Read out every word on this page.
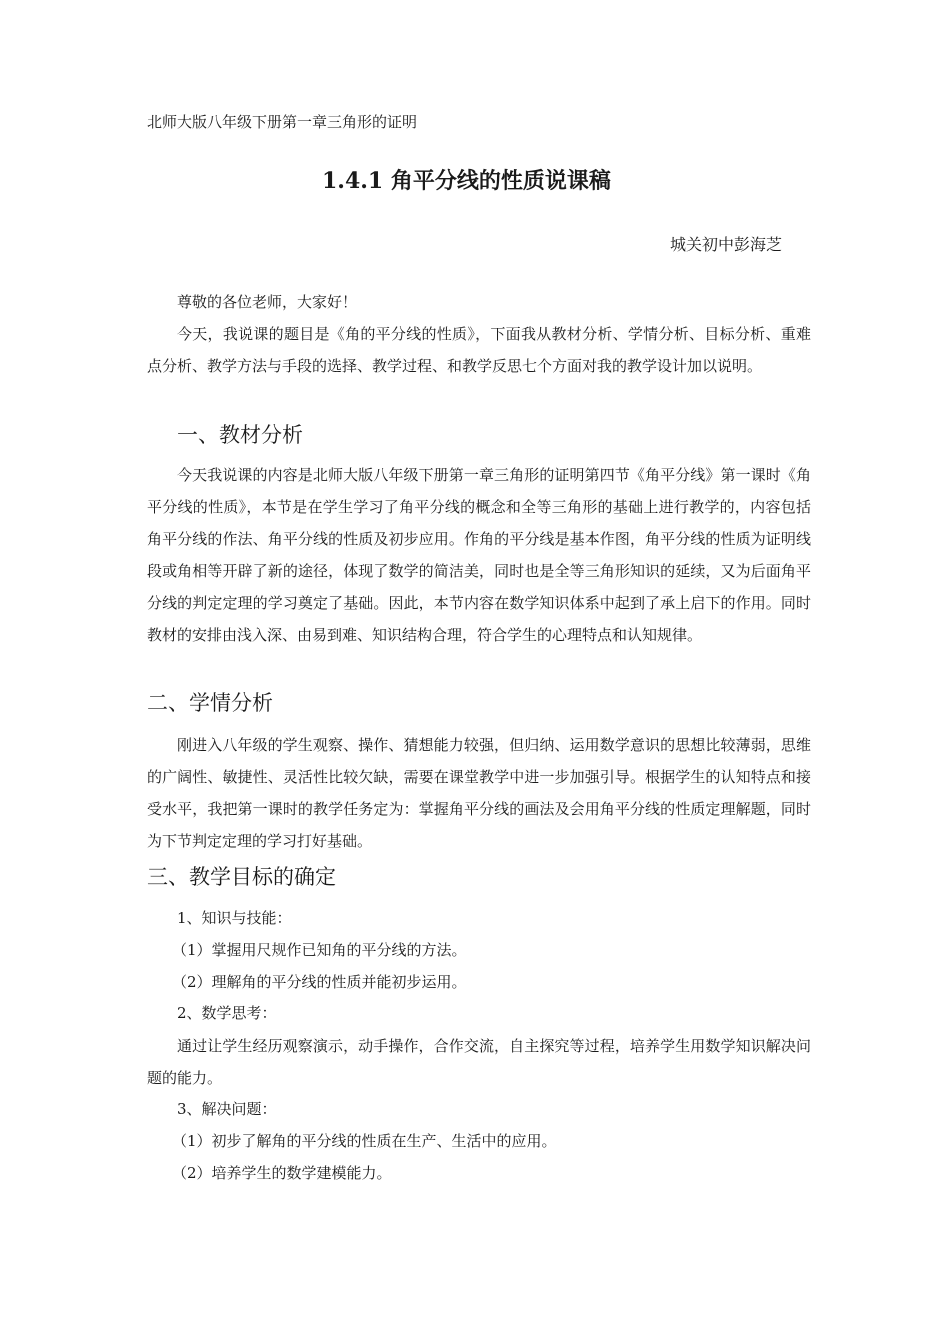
北师大版八年级下册第一章三角形的证明
1.4.1 角平分线的性质说课稿
城关初中彭海芝
尊敬的各位老师，大家好！
今天，我说课的题目是《角的平分线的性质》，下面我从教材分析、学情分析、目标分析、重难点分析、教学方法与手段的选择、教学过程、和教学反思七个方面对我的教学设计加以说明。
一、教材分析
今天我说课的内容是北师大版八年级下册第一章三角形的证明第四节《角平分线》第一课时《角平分线的性质》，本节是在学生学习了角平分线的概念和全等三角形的基础上进行教学的，内容包括角平分线的作法、角平分线的性质及初步应用。作角的平分线是基本作图，角平分线的性质为证明线段或角相等开辟了新的途径，体现了数学的简洁美，同时也是全等三角形知识的延续，又为后面角平分线的判定定理的学习奠定了基础。因此，本节内容在数学知识体系中起到了承上启下的作用。同时教材的安排由浅入深、由易到难、知识结构合理，符合学生的心理特点和认知规律。
二、学情分析
刚进入八年级的学生观察、操作、猜想能力较强，但归纳、运用数学意识的思想比较薄弱，思维的广阔性、敏捷性、灵活性比较欠缺，需要在课堂教学中进一步加强引导。根据学生的认知特点和接受水平，我把第一课时的教学任务定为：掌握角平分线的画法及会用角平分线的性质定理解题，同时为下节判定定理的学习打好基础。
三、教学目标的确定
1、知识与技能：
（1）掌握用尺规作已知角的平分线的方法。
（2）理解角的平分线的性质并能初步运用。
2、数学思考：
通过让学生经历观察演示，动手操作，合作交流，自主探究等过程，培养学生用数学知识解决问题的能力。
3、解决问题：
（1）初步了解角的平分线的性质在生产、生活中的应用。
（2）培养学生的数学建模能力。
